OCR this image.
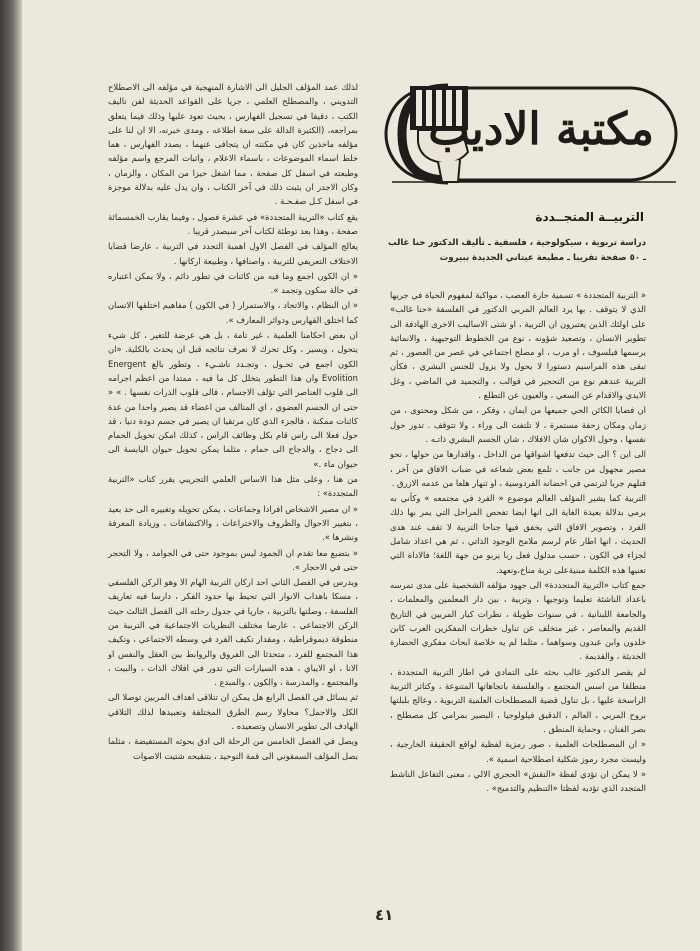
مكتبة الاديب
التربيــة المتجــددة
دراسة تربوية ، سيكولوجية ، فلسفية ـ تأليف الدكتور حنا غالب ـ ٥٠ صفحة تقريبا ـ مطبعة عيتاني الجديدة ببيروت

« التربية المتجددة » تسمية حارة العصب ، مواكبة لمفهوم الحياة في جريها الذي لا يتوقف . بها يرد العالم المربي الدكتور في الفلسفة «حنا غالب» على اولئك الذين يعتبرون ان التربية ، او شتى الاساليب الاخرى الهادفة الى تطوير الانسان ، وتصعيد شؤونه ، نوع من الخطوط التوجيهية ، والانمائية يرسمها فيلسوف ، او مرب ، او مصلح اجتماعي في عصر من العصور ، ثم تبقى هذه المراسيم دستورا لا يحول ولا يزول للجنس البشري ، فكأن التربية عندهم نوع من التحجير في قوالب ، والتجميد في الماضي ، وغل الايدي والاقدام عن السعي ، والعيون عن التطلع .

ان فضايا الكائن الحي جميعها من ايمان ، وفكر ، من شكل ومحتوى ، من زمان ومكان زحفة مستمرة ، لا تلتفت الى وراء ، ولا تتوقف . تدور حول نفسها ، وحول الاكوان شان الافلاك ، شان الجسم البشري ذاتـه .

الى اين ؟ الى حيث تدفعها اشواقها من الداخل ، واقدارها من حولها ، نحو مصير مجهول من جانب ، تلمع بعض شعاعه في ضباب الافاق من آخر ، فتلهم جربا لترتمي في احضانه الفردوسية ، او تنهار هلعا من عدمه الازرق .

التربية كما يشير المؤلف العالم موضوع « الفرد في مجتمعه » وكأني به يرمي بدلالة بعيدة الغاية الى انها ايضا تفحص المراحل التي يمر بها ذلك الفرد ، وتصوير الافاق التي يخفق فيها جناحا التربية لا تقف عند هدى الحديث ، انها اطار عام لرسم ملامح الوجود الذاتي ، ثم هي اعداد شامل لجزاء في الكون ، حسب مدلول فعل ربا يربو من جهة اللغة؛ فالاداة التي تعنيها هذه الكلمة مبنيةعلى تربة مناخ،ونعهد.

جمع كتاب «التربية المتجددة» الى جهود مؤلفه الشخصية على مدى تمرسه باعداد الناشئة تعليما وتوجيها ، وتربية ، بين دار المعلمين والمعلمات ، والجامعة اللبنانية ، في سنوات طويلة ، نظرات كبار المربين في التاريخ القديم والمعاصر ، غير متخلف عن تناول خطرات المفكرين العرب كابن خلدون وابن عبدون وسواهما ، مثلما لم يه خلاصة ابحاث مفكري الحضارة الحديثة ، والقديمة .

لم يقصر الدكتور غالب بحثه على التمادي في اطار التربية المتجددة ، منطلقا من اسس المجتمع ، والفلسفة باتجاهاتها المتنوعة ، وكتاثر التربية الراسخة عليها ، بل تناول قضية المصطلحات العلمية التربوية ، وعالج بلبلتها بروح المربي ، العالم ، الدقيق فيلولوجيا ، البصير بمرامي كل مصطلح ، بصر الفنان ، وحماية المنطق .

« ان المصطلحات العلمية ، صور رمزية لفظية لواقع الحقيقة الخارجية ، وليست مجرد رموز شكلية اصطلاحية اسمية ».

« لا يمكن ان تؤدي لفظة «التقش» الحجري الالي ، معنى التفاعل الناشط المتجدد الذي تؤديه لفظتا «التنظيم والتدميج» .

لذلك عمد المؤلف الجليل الى الاشارة المنهجية في مؤلفه الى الاصطلاح التدويني ، والمصطلح العلمي ، جريا على القواعد الحديثة لفن تاليف الكتب ، دقيقا في تسجيل الفهارس ، بحيث تعود عليها وذلك فيما يتعلق بمراجعه، (الكثيرة الدالة على سعة اطلاعه ، ومدى خبرته، الا ان لنا على مؤلفه ماخذين كان في مكنته ان يتجافى عنهما ، بصدد الفهارس ، هما خلط اسماء الموضوعات ، باسماء الاعلام ، واثبات المرجع واسم مؤلفه وطبعته في اسفل كل صفحة ، مما اشغل حيزا من المكان ، والزمان ، وكان الاجدر ان يثبت ذلك في آخر الكتاب ، وان يدل عليه بدلالة موجزة في اسفل كـل صفـحـة .

يقع كتاب «التربية المتجددة» في عشرة فصول ، وفيما يقارب الخمسمائة صفحة ، وهذا بعد توطئة لكتاب آخر سيصدر قريبا .

يعالج المؤلف في الفصل الاول اهمية التجدد في التربية ، عارضا قضايا الاختلاف التعريفي للتربية ، واصنافها ، وطبيعة اركانها .

« ان الكون اجمع وما فيه من كائنات في تطور دائم ، ولا يمكن اعتباره في حالة سكون وتجمد ».

« ان النظام ، والاتحاد ، والاستمرار ( في الكون ) مفاهيم اختلقها الانسان كما اختلق القهارس ودوائر المعارف ».

ان بعض احكامنا العلمية ، غير تامة ، بل هي عرضة للتغير ، كل شيء يتحول ، ويسير ، وكل تحرك لا نعرف نتائجه قبل ان يحدث بالكلية. «ان الكون اجمع في تحـول ، وتجـدد ناشـيء ، وتطور بالغ Energent Evolition وان هذا التطور يتخلل كل ما فيه ، ممتدا من اعظم اجرامه الى قلوب العناصر التي تؤلف الاجسام ، فالى قلوب الذرات نفسها . » « حتى ان الجسم العضوي ، اي المتالف من اعضاء قد يصير واحدا من عدة كائنات ممكنة ، فالجزء الذي كان مرتقيا ان يصير في جسم دودة دنيا ، قد حول فعلا الى راس قام بكل وظائف الراس ، كذلك امكن تحويل الحمام الى دجاج ، والدجاج الى حمام ، مثلما يمكن تحويل حيوان اليابسة الى حيوان ماء .»

من هنا ، وعلى مثل هذا الاساس العلمي التجريبي يقرر كتاب «التربية المتجددة» :

« ان مصير الاشخاص افرادا وجماعات ، يمكن تحويله وتغييره الى حد بعيد ، بتغيير الاحوال والظروف والاختراعات ، والاكتشافات ، وزيادة المعرفة ونشرها ».

« بتضبع معا تقدم ان الجمود ليس بموجود حتى في الجوامد ، ولا التحجر حتى في الاحجار ».

ويدرس في الفصل الثاني احد اركان التربية الهام الا وهو الركن الفلسفي ، مسكا باهداب الانوار التي تحيط بها حدود الفكر ، دارسا فيه تعاريف الفلسفة ، وصلتها بالتربية ، جاريا في جدول رحلته الى الفصل الثالث حيث الركن الاجتماعي ، عارضا مختلف النظريات الاجتماعية في التربية من منطوقة ديموقراطية ، ومقدار تكيف الفرد في وسطه الاجتماعي ، وتكيف هذا المجتمع للفرد ، متحدثا الى الفروق والروابط بين العقل والنفس او الانا ، او الايباي ، هذه السيارات التي تدور في افلاك الذات ، والبيت ، والمجتمع ، والمدرسة ، والكون ، والمبدع .

ثم يسائل في الفصل الرابع هل يمكن ان تتلاقى اهداف المربين توصلا الى الكل والاجمل؟ محاولا رسم الطرق المختلفة وتعبيدها لذلك التلاقي الهادف الى تطوير الانسان وتصعيده .

ويصل في الفصل الخامس من الرحلة الى ادق بحوثه المستفيضة ، مثلما يصل المؤلف السمفوني الى قمة التوحيد ، بتنقيحه شتيت الاصوات

٤١
